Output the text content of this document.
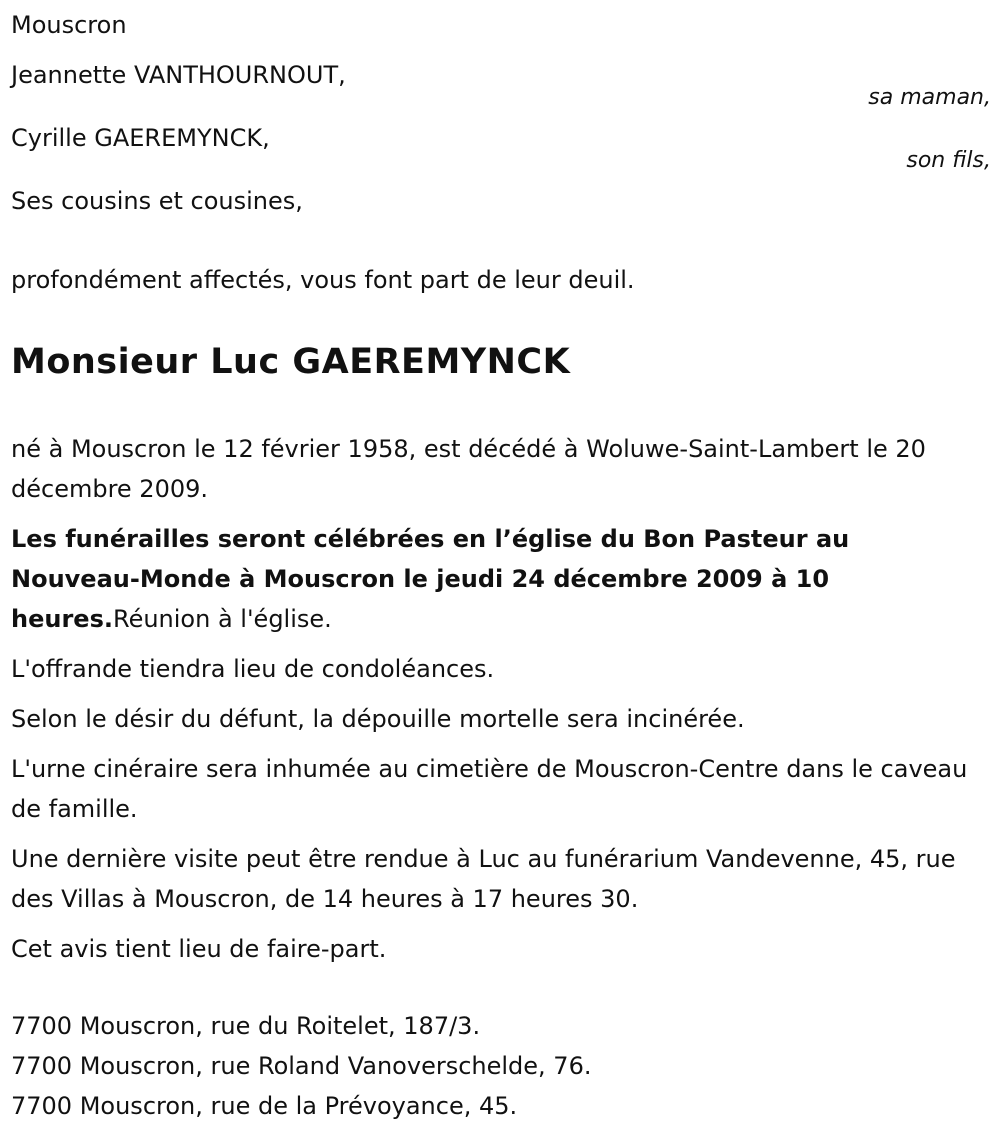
Mouscron

Jeannette VANTHOURNOUT,

sa maman,

Cyrille GAEREMYNCK,

son fils,

Ses cousins et cousines,

profondément affectés, vous font part de leur deuil.

Monsieur Luc GAEREMYNCK

né à Mouscron le 12 février 1958, est décédé à Woluwe-Saint-Lambert le 20 décembre 2009.

Les funérailles seront célébrées en l’église du Bon Pasteur au Nouveau-Monde à Mouscron le jeudi 24 décembre 2009 à 10 heures.Réunion à l'église.

L'offrande tiendra lieu de condoléances.

Selon le désir du défunt, la dépouille mortelle sera incinérée.

L'urne cinéraire sera inhumée au cimetière de Mouscron-Centre dans le caveau de famille.

Une dernière visite peut être rendue à Luc au funérarium Vandevenne, 45, rue des Villas à Mouscron, de 14 heures à 17 heures 30.

Cet avis tient lieu de faire-part.

7700 Mouscron, rue du Roitelet, 187/3.

7700 Mouscron, rue Roland Vanoverschelde, 76.

7700 Mouscron, rue de la Prévoyance, 45.
